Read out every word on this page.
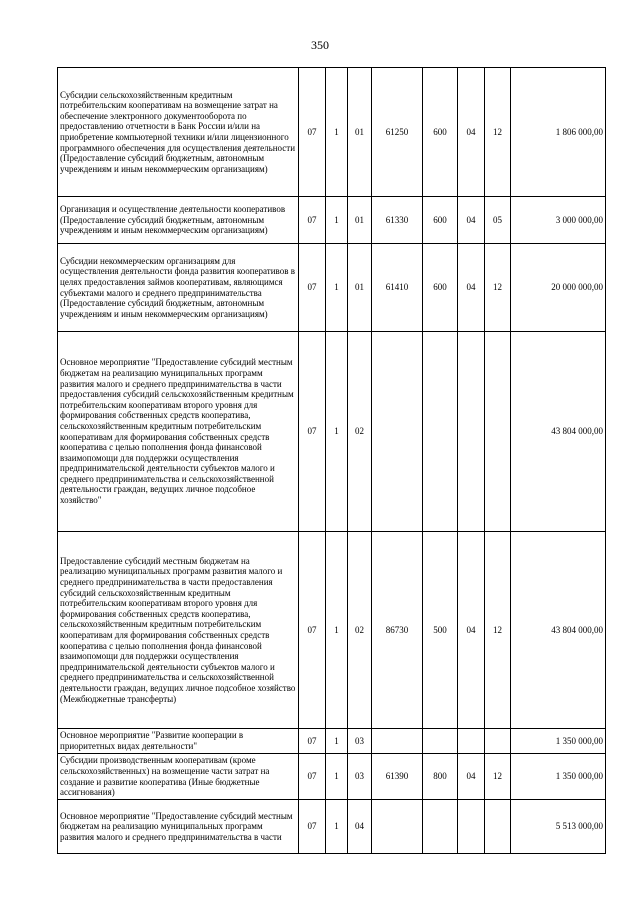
350
Субсидии сельскохозяйственным кредитным потребительским кооперативам на возмещение затрат на обеспечение электронного документооборота по предоставлению отчетности в Банк России и/или на приобретение компьютерной техники и/или лицензионного программного обеспечения для осуществления деятельности (Предоставление субсидий бюджетным, автономным учреждениям и иным некоммерческим организациям)	07	1	01	61250	600	04	12	1 806 000,00
Организация и осуществление деятельности кооперативов (Предоставление субсидий бюджетным, автономным учреждениям и иным некоммерческим организациям)	07	1	01	61330	600	04	05	3 000 000,00
Субсидии некоммерческим организациям для осуществления деятельности фонда развития кооперативов в целях предоставления займов кооперативам, являющимся субъектами малого и среднего предпринимательства (Предоставление субсидий бюджетным, автономным учреждениям и иным некоммерческим организациям)	07	1	01	61410	600	04	12	20 000 000,00
Основное мероприятие "Предоставление субсидий местным бюджетам на реализацию муниципальных программ развития малого и среднего предпринимательства в части предоставления субсидий сельскохозяйственным кредитным потребительским кооперативам второго уровня для формирования собственных средств кооператива, сельскохозяйственным кредитным потребительским кооперативам для формирования собственных средств кооператива с целью пополнения фонда финансовой взаимопомощи для поддержки осуществления предпринимательской деятельности субъектов малого и среднего предпринимательства и сельскохозяйственной деятельности граждан, ведущих личное подсобное хозяйство"	07	1	02					43 804 000,00
Предоставление субсидий местным бюджетам на реализацию муниципальных программ развития малого и среднего предпринимательства в части предоставления субсидий сельскохозяйственным кредитным потребительским кооперативам второго уровня для формирования собственных средств кооператива, сельскохозяйственным кредитным потребительским кооперативам для формирования собственных средств кооператива с целью пополнения фонда финансовой взаимопомощи для поддержки осуществления предпринимательской деятельности субъектов малого и среднего предпринимательства и сельскохозяйственной деятельности граждан, ведущих личное подсобное хозяйство (Межбюджетные трансферты)	07	1	02	86730	500	04	12	43 804 000,00
Основное мероприятие "Развитие кооперации в приоритетных видах деятельности"	07	1	03					1 350 000,00
Субсидии производственным кооперативам (кроме сельскохозяйственных) на возмещение части затрат на создание и развитие кооператива (Иные бюджетные ассигнования)	07	1	03	61390	800	04	12	1 350 000,00
Основное мероприятие "Предоставление субсидий местным бюджетам на реализацию муниципальных программ развития малого и среднего предпринимательства в части	07	1	04					5 513 000,00
